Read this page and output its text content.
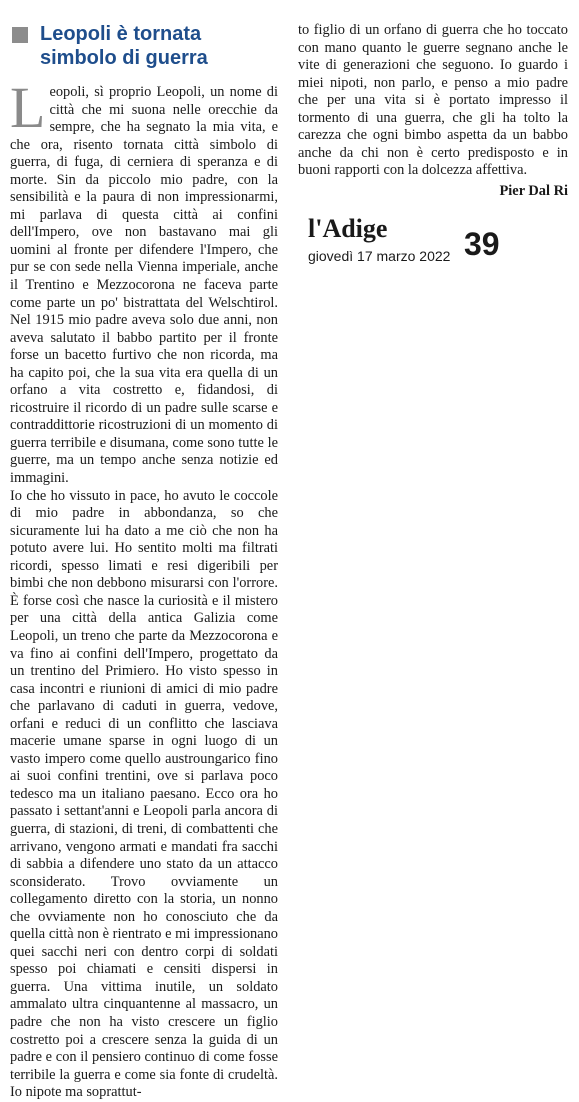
Leopoli è tornata
simbolo di guerra

Leopoli, sì proprio Leopoli, un nome di città che mi suona nelle orecchie da sempre, che ha segnato la mia vita, e che ora, risento tornata città simbolo di guerra, di fuga, di cerniera di speranza e di morte. Sin da piccolo mio padre, con la sensibilità e la paura di non impressionarmi, mi parlava di questa città ai confini dell'Impero, ove non bastavano mai gli uomini al fronte per difendere l'Impero, che pur se con sede nella Vienna imperiale, anche il Trentino e Mezzocorona ne faceva parte come parte un po' bistrattata del Welschtirol. Nel 1915 mio padre aveva solo due anni, non aveva salutato il babbo partito per il fronte forse un bacetto furtivo che non ricorda, ma ha capito poi, che la sua vita era quella di un orfano a vita costretto e, fidandosi, di ricostruire il ricordo di un padre sulle scarse e contraddittorie ricostruzioni di un momento di guerra terribile e disumana, come sono tutte le guerre, ma un tempo anche senza notizie ed immagini.

Io che ho vissuto in pace, ho avuto le coccole di mio padre in abbondanza, so che sicuramente lui ha dato a me ciò che non ha potuto avere lui. Ho sentito molti ma filtrati ricordi, spesso limati e resi digeribili per bimbi che non debbono misurarsi con l'orrore. È forse così che nasce la curiosità e il mistero per una città della antica Galizia come Leopoli, un treno che parte da Mezzocorona e va fino ai confini dell'Impero, progettato da un trentino del Primiero. Ho visto spesso in casa incontri e riunioni di amici di mio padre che parlavano di caduti in guerra, vedove, orfani e reduci di un conflitto che lasciava macerie umane sparse in ogni luogo di un vasto impero come quello austroungarico fino ai suoi confini trentini, ove si parlava poco tedesco ma un italiano paesano. Ecco ora ho passato i settant'anni e Leopoli parla ancora di guerra, di stazioni, di treni, di combattenti che arrivano, vengono armati e mandati fra sacchi di sabbia a difendere uno stato da un attacco sconsiderato. Trovo ovviamente un collegamento diretto con la storia, un nonno che ovviamente non ho conosciuto che da quella città non è rientrato e mi impressionano quei sacchi neri con dentro corpi di soldati spesso poi chiamati e censiti dispersi in guerra. Una vittima inutile, un soldato ammalato ultra cinquantenne al massacro, un padre che non ha visto crescere un figlio costretto poi a crescere senza la guida di un padre e con il pensiero continuo di come fosse terribile la guerra e come sia fonte di crudeltà. Io nipote ma soprattut-

to figlio di un orfano di guerra che ho toccato con mano quanto le guerre segnano anche le vite di generazioni che seguono. Io guardo i miei nipoti, non parlo, e penso a mio padre che per una vita si è portato impresso il tormento di una guerra, che gli ha tolto la carezza che ogni bimbo aspetta da un babbo anche da chi non è certo predisposto e in buoni rapporti con la dolcezza affettiva.

Pier Dal Ri
l'Adige
giovedì 17 marzo 2022 39
